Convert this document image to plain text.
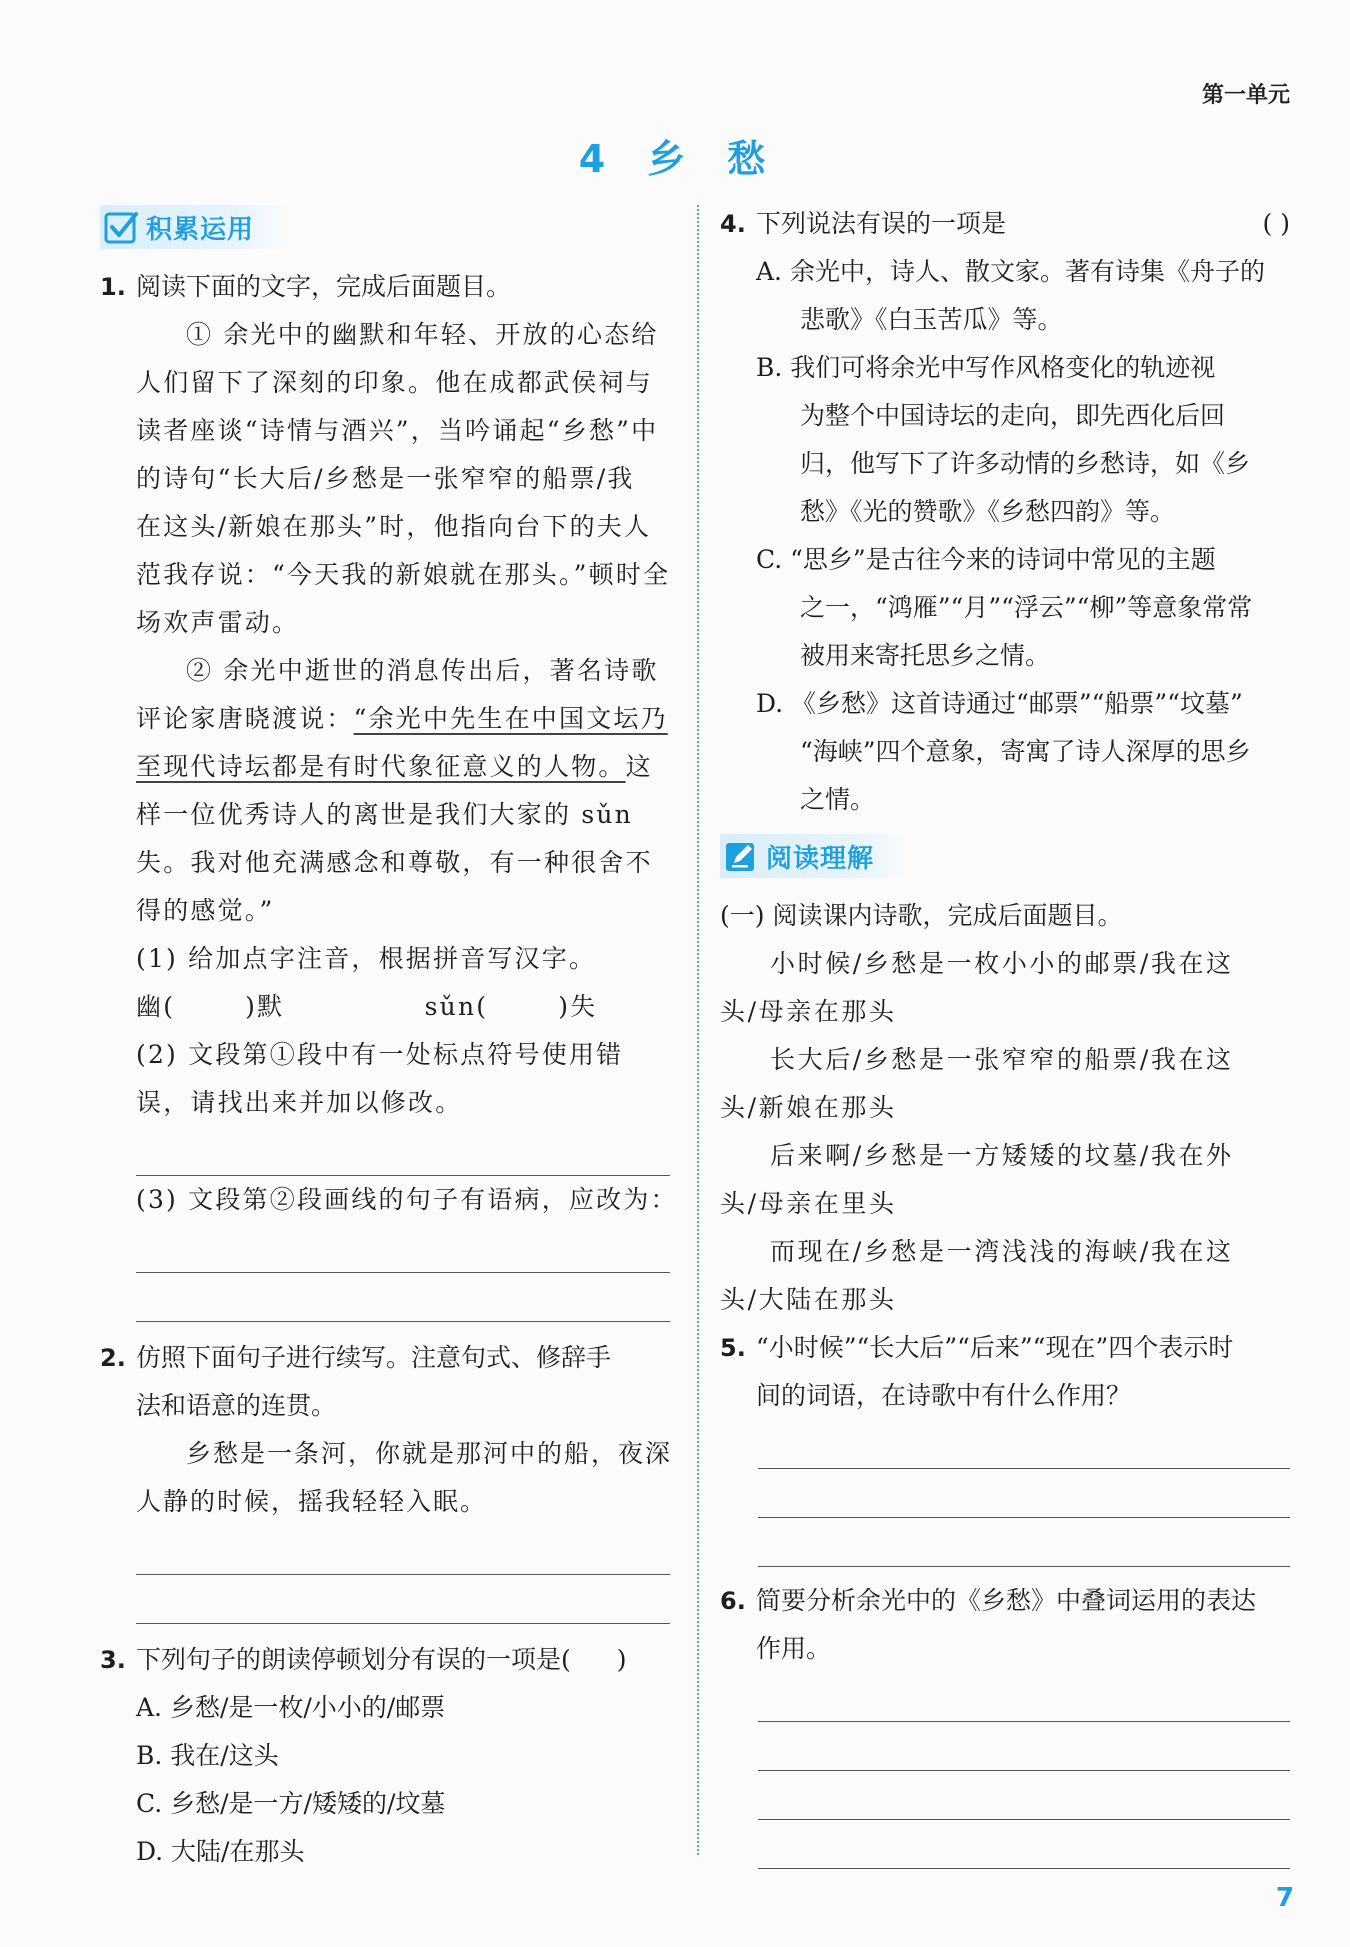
第一单元
4 乡 愁
积累运用
1. 阅读下面的文字，完成后面题目。
① 余光中的幽默和年轻、开放的心态给
人们留下了深刻的印象。他在成都武侯祠与
读者座谈“诗情与酒兴”，当吟诵起“乡愁”中
的诗句“长大后/乡愁是一张窄窄的船票/我
在这头/新娘在那头”时，他指向台下的夫人
范我存说：“今天我的新娘就在那头。”顿时全
场欢声雷动。
② 余光中逝世的消息传出后，著名诗歌
评论家唐晓渡说：“余光中先生在中国文坛乃
至现代诗坛都是有时代象征意义的人物。这
样一位优秀诗人的离世是我们大家的 sǔn
失。我对他充满感念和尊敬，有一种很舍不
得的感觉。”
(1) 给加点字注音，根据拼音写汉字。
幽(	)默	sǔn(	)失
(2) 文段第①段中有一处标点符号使用错
误，请找出来并加以修改。
(3) 文段第②段画线的句子有语病，应改为：
2. 仿照下面句子进行续写。注意句式、修辞手
法和语意的连贯。
乡愁是一条河，你就是那河中的船，夜深
人静的时候，摇我轻轻入眠。
3. 下列句子的朗读停顿划分有误的一项是( )
A. 乡愁/是一枚/小小的/邮票
B. 我在/这头
C. 乡愁/是一方/矮矮的/坟墓
D. 大陆/在那头
4. 下列说法有误的一项是	( )
A. 余光中，诗人、散文家。著有诗集《舟子的
悲歌》《白玉苦瓜》等。
B. 我们可将余光中写作风格变化的轨迹视
为整个中国诗坛的走向，即先西化后回
归，他写下了许多动情的乡愁诗，如《乡
愁》《光的赞歌》《乡愁四韵》等。
C. “思乡”是古往今来的诗词中常见的主题
之一，“鸿雁”“月”“浮云”“柳”等意象常常
被用来寄托思乡之情。
D. 《乡愁》这首诗通过“邮票”“船票”“坟墓”
“海峡”四个意象，寄寓了诗人深厚的思乡
之情。
阅读理解
(一) 阅读课内诗歌，完成后面题目。
小时候/乡愁是一枚小小的邮票/我在这
头/母亲在那头
长大后/乡愁是一张窄窄的船票/我在这
头/新娘在那头
后来啊/乡愁是一方矮矮的坟墓/我在外
头/母亲在里头
而现在/乡愁是一湾浅浅的海峡/我在这
头/大陆在那头
5. “小时候”“长大后”“后来”“现在”四个表示时
间的词语，在诗歌中有什么作用？
6. 简要分析余光中的《乡愁》中叠词运用的表达
作用。
7
